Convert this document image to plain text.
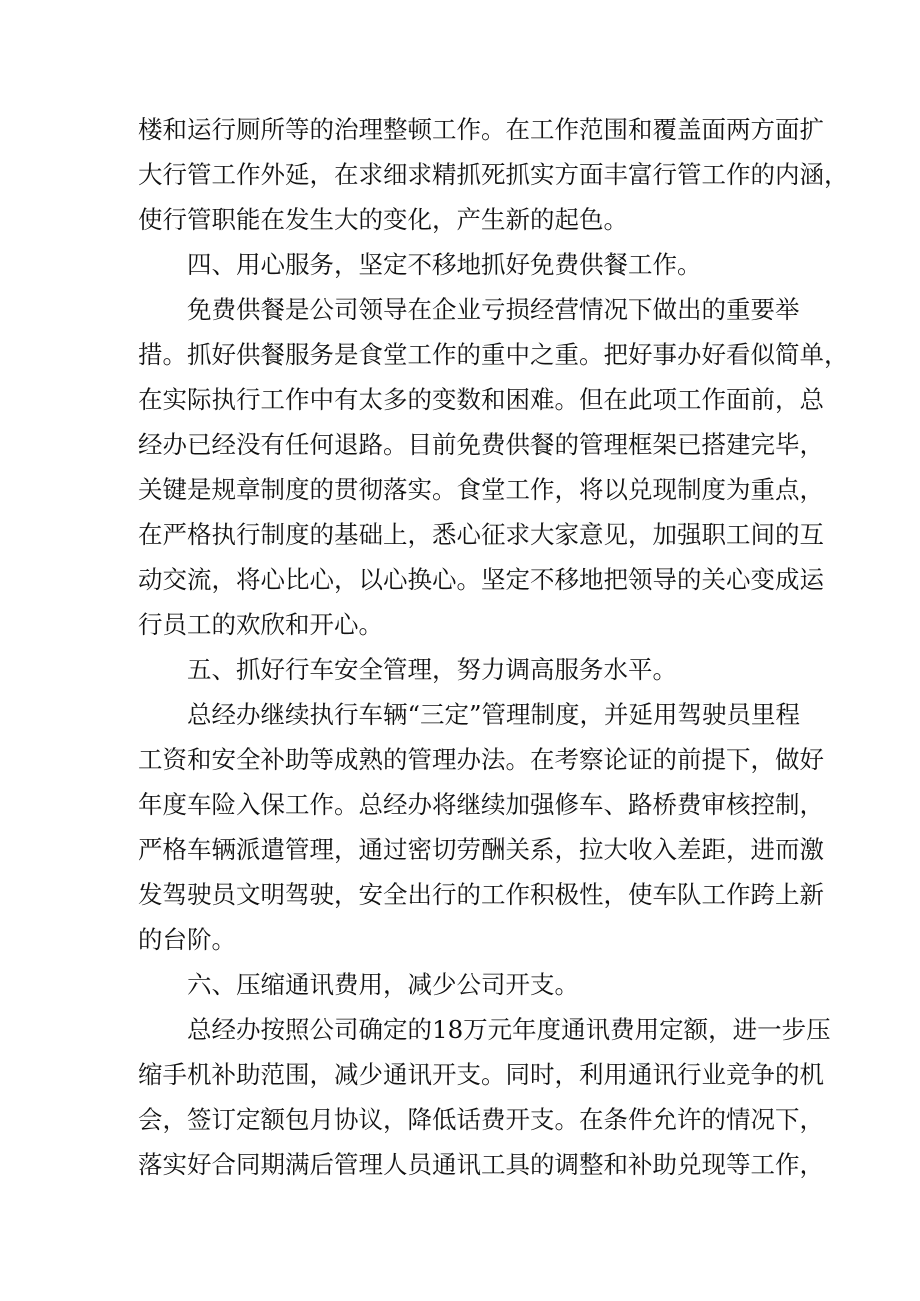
楼和运行厕所等的治理整顿工作。在工作范围和覆盖面两方面扩
大行管工作外延，在求细求精抓死抓实方面丰富行管工作的内涵，
使行管职能在发生大的变化，产生新的起色。
四、用心服务，坚定不移地抓好免费供餐工作。
免费供餐是公司领导在企业亏损经营情况下做出的重要举
措。抓好供餐服务是食堂工作的重中之重。把好事办好看似简单，
在实际执行工作中有太多的变数和困难。但在此项工作面前，总
经办已经没有任何退路。目前免费供餐的管理框架已搭建完毕，
关键是规章制度的贯彻落实。食堂工作，将以兑现制度为重点，
在严格执行制度的基础上，悉心征求大家意见，加强职工间的互
动交流，将心比心，以心换心。坚定不移地把领导的关心变成运
行员工的欢欣和开心。
五、抓好行车安全管理，努力调高服务水平。
总经办继续执行车辆“三定”管理制度，并延用驾驶员里程
工资和安全补助等成熟的管理办法。在考察论证的前提下，做好
年度车险入保工作。总经办将继续加强修车、路桥费审核控制，
严格车辆派遣管理，通过密切劳酬关系，拉大收入差距，进而激
发驾驶员文明驾驶，安全出行的工作积极性，使车队工作跨上新
的台阶。
六、压缩通讯费用，减少公司开支。
总经办按照公司确定的18万元年度通讯费用定额，进一步压
缩手机补助范围，减少通讯开支。同时，利用通讯行业竞争的机
会，签订定额包月协议，降低话费开支。在条件允许的情况下，
落实好合同期满后管理人员通讯工具的调整和补助兑现等工作，
